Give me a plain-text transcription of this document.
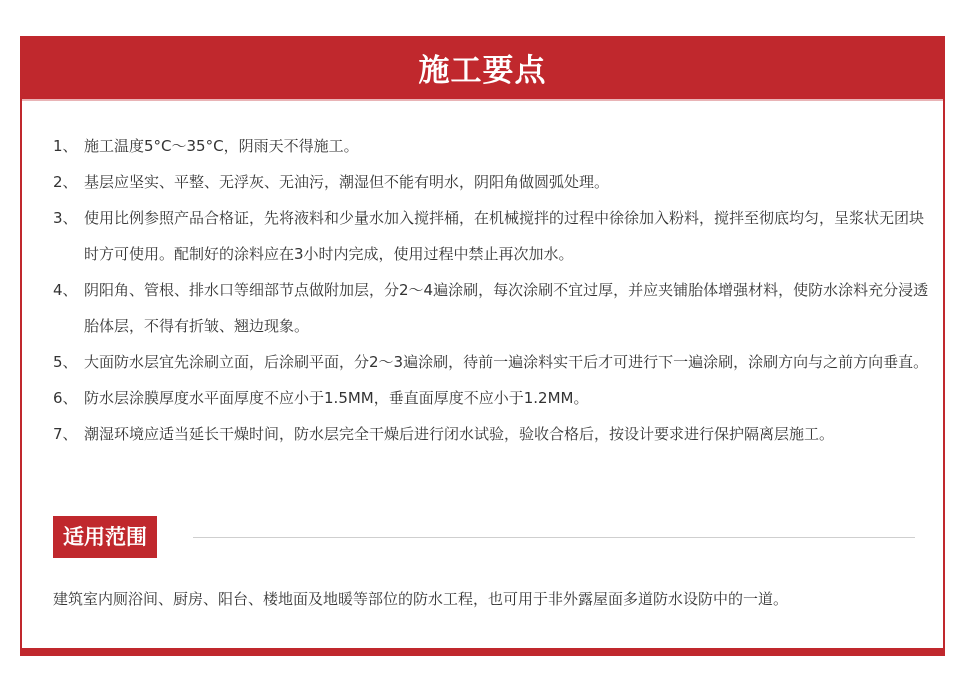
施工要点
1、 施工温度5°C～35°C，阴雨天不得施工。
2、 基层应坚实、平整、无浮灰、无油污，潮湿但不能有明水，阴阳角做圆弧处理。
3、 使用比例参照产品合格证，先将液料和少量水加入搅拌桶，在机械搅拌的过程中徐徐加入粉料，搅拌至彻底均匀，呈浆状无团块时方可使用。配制好的涂料应在3小时内完成，使用过程中禁止再次加水。
4、 阴阳角、管根、排水口等细部节点做附加层，分2～4遍涂刷，每次涂刷不宜过厚，并应夹铺胎体增强材料，使防水涂料充分浸透胎体层，不得有折皱、翘边现象。
5、 大面防水层宜先涂刷立面，后涂刷平面，分2～3遍涂刷，待前一遍涂料实干后才可进行下一遍涂刷，涂刷方向与之前方向垂直。
6、 防水层涂膜厚度水平面厚度不应小于1.5MM，垂直面厚度不应小于1.2MM。
7、 潮湿环境应适当延长干燥时间，防水层完全干燥后进行闭水试验，验收合格后，按设计要求进行保护隔离层施工。
适用范围
建筑室内厕浴间、厨房、阳台、楼地面及地暖等部位的防水工程，也可用于非外露屋面多道防水设防中的一道。
